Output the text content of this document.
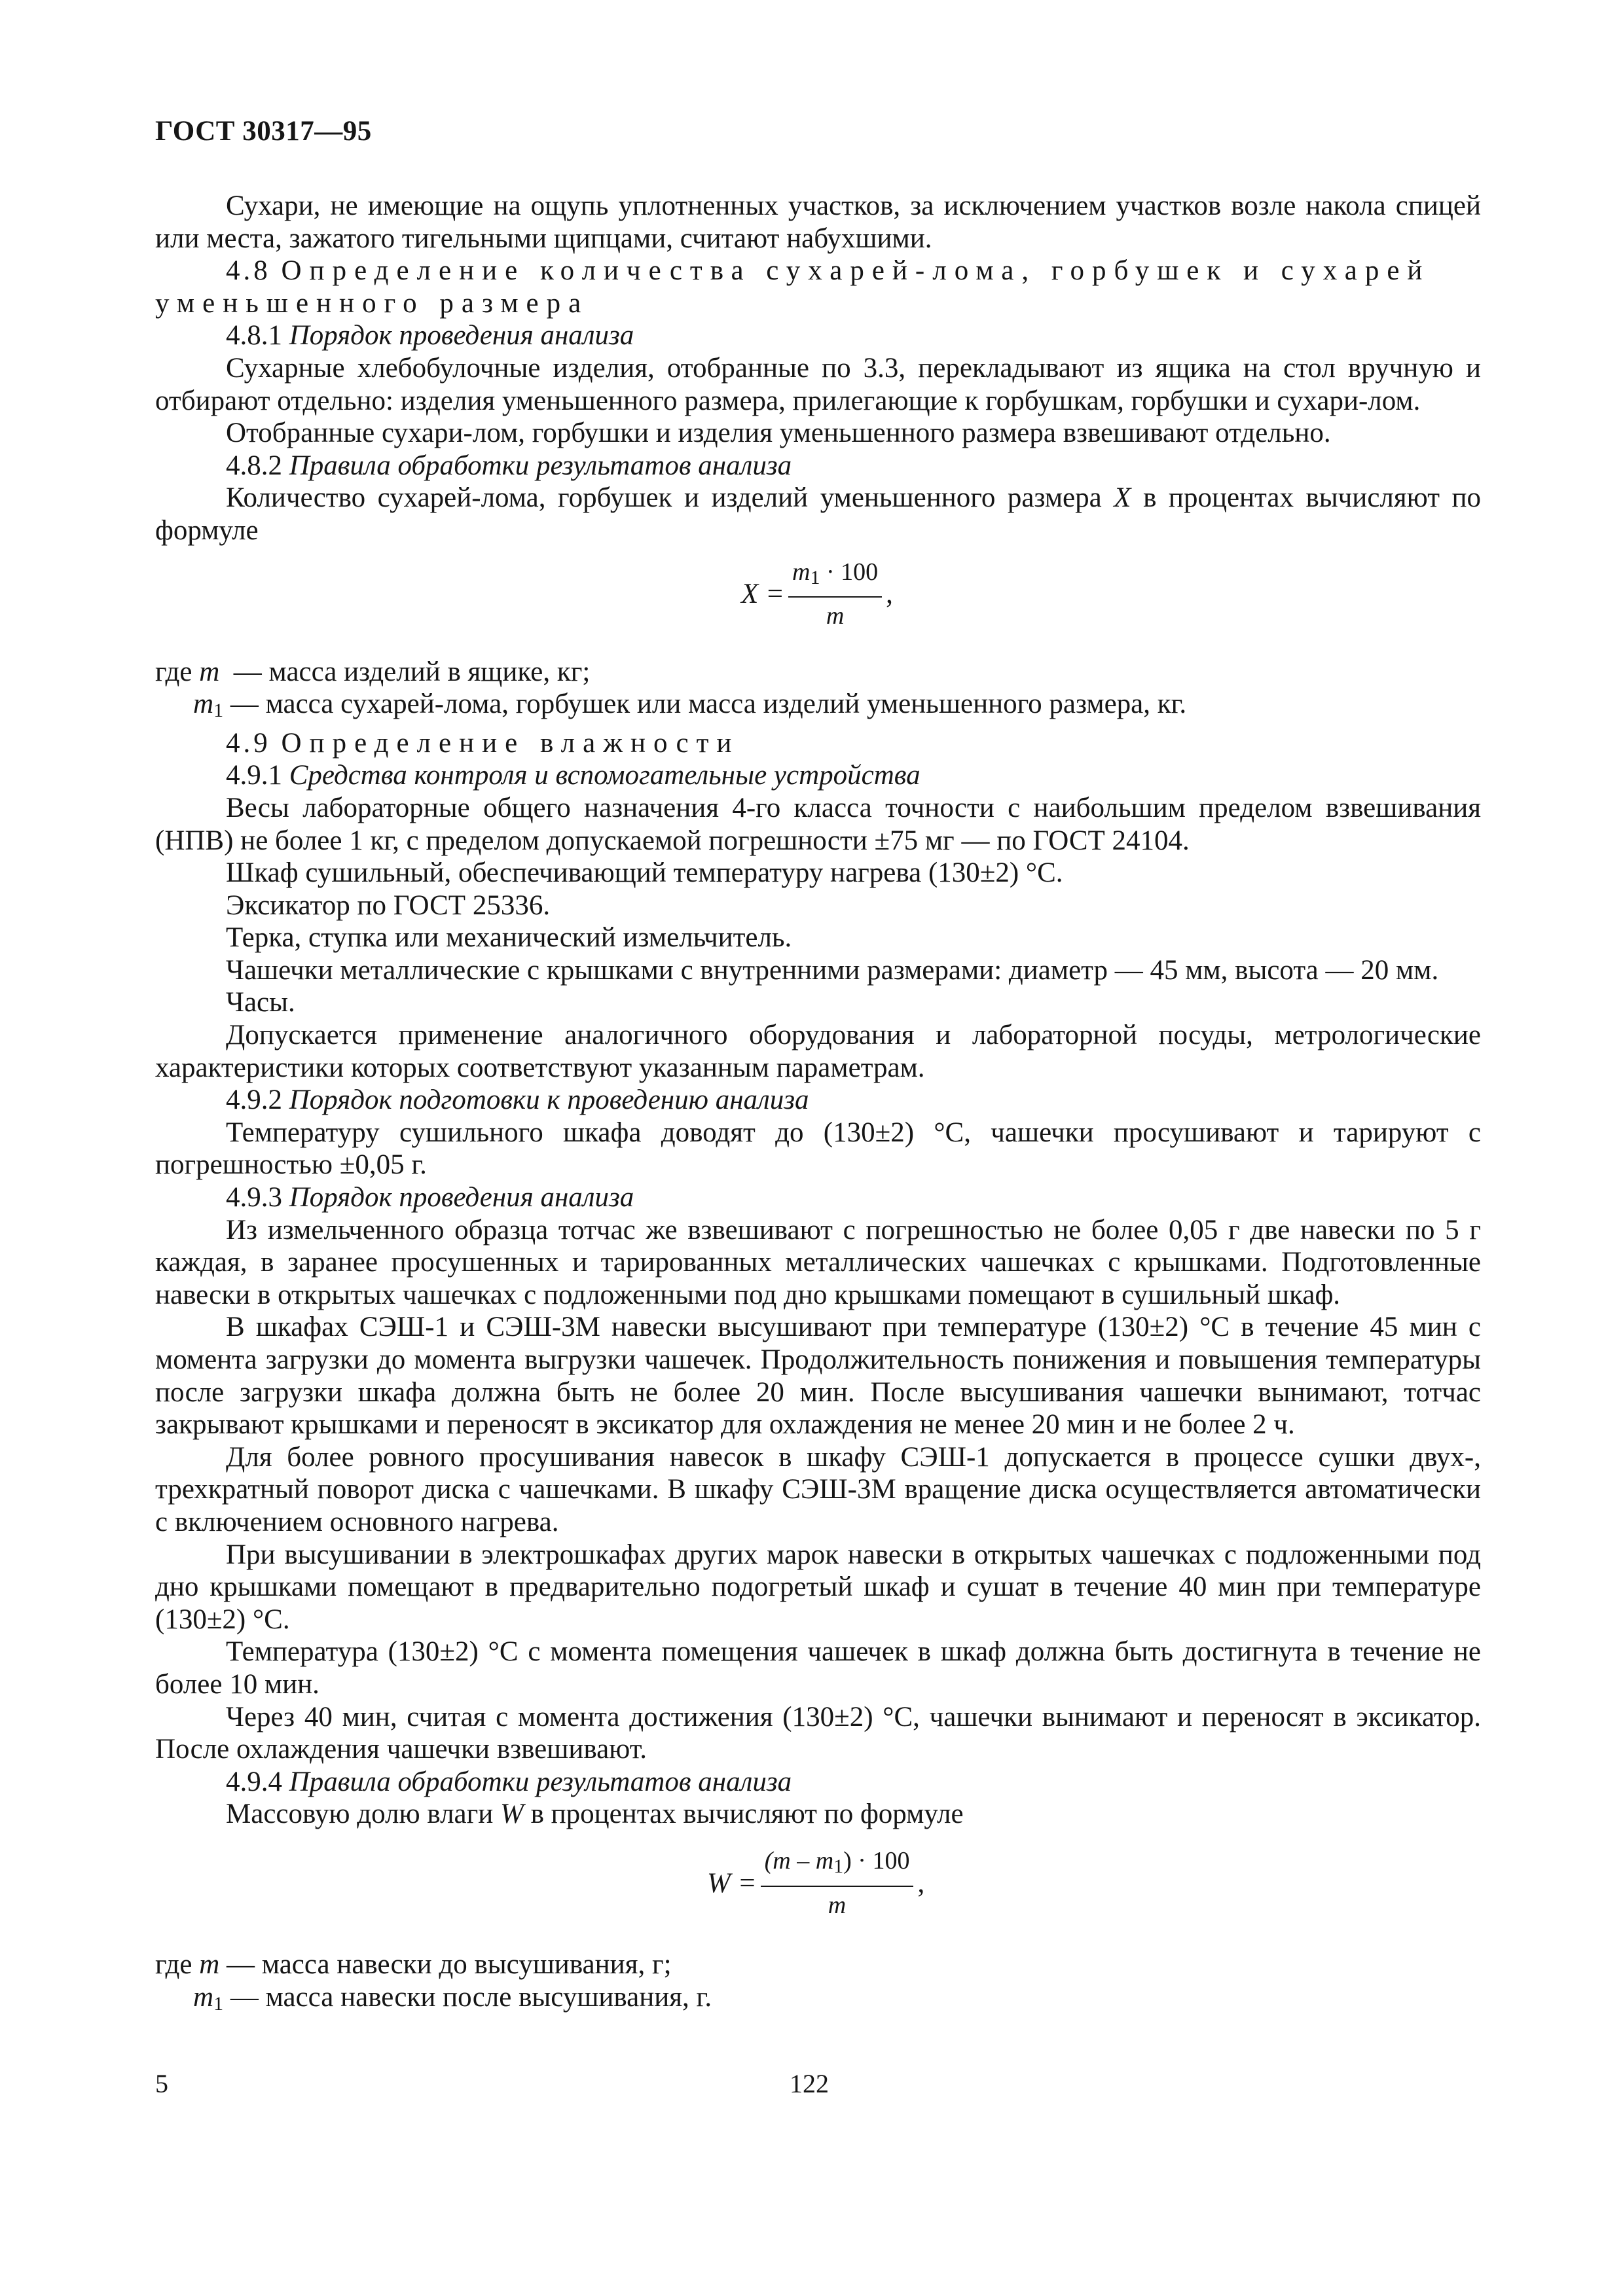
ГОСТ 30317—95

Сухари, не имеющие на ощупь уплотненных участков, за исключением участков возле накола спицей или места, зажатого тигельными щипцами, считают набухшими.

4.8 Определение количества сухарей-лома, горбушек и сухарей уменьшенного размера

4.8.1 Порядок проведения анализа

Сухарные хлебобулочные изделия, отобранные по 3.3, перекладывают из ящика на стол вручную и отбирают отдельно: изделия уменьшенного размера, прилегающие к горбушкам, горбушки и сухари-лом.

Отобранные сухари-лом, горбушки и изделия уменьшенного размера взвешивают отдельно.

4.8.2 Правила обработки результатов анализа

Количество сухарей-лома, горбушек и изделий уменьшенного размера X в процентах вычисляют по формуле

$X = \frac{m1 \cdot 100}{m}$ ,

где m — масса изделий в ящике, кг;

m1 — масса сухарей-лома, горбушек или масса изделий уменьшенного размера, кг.

4.9 Определение влажности

4.9.1 Средства контроля и вспомогательные устройства

Весы лабораторные общего назначения 4-го класса точности с наибольшим пределом взвешивания (НПВ) не более 1 кг, с пределом допускаемой погрешности ±75 мг — по ГОСТ 24104.

Шкаф сушильный, обеспечивающий температуру нагрева (130±2) °С.

Эксикатор по ГОСТ 25336.

Терка, ступка или механический измельчитель.

Чашечки металлические с крышками с внутренними размерами: диаметр — 45 мм, высота — 20 мм.

Часы.

Допускается применение аналогичного оборудования и лабораторной посуды, метрологические характеристики которых соответствуют указанным параметрам.

4.9.2 Порядок подготовки к проведению анализа

Температуру сушильного шкафа доводят до (130±2) °С, чашечки просушивают и тарируют с погрешностью ±0,05 г.

4.9.3 Порядок проведения анализа

Из измельченного образца тотчас же взвешивают с погрешностью не более 0,05 г две навески по 5 г каждая, в заранее просушенных и тарированных металлических чашечках с крышками. Подготовленные навески в открытых чашечках с подложенными под дно крышками помещают в сушильный шкаф.

В шкафах СЭШ-1 и СЭШ-3М навески высушивают при температуре (130±2) °С в течение 45 мин с момента загрузки до момента выгрузки чашечек. Продолжительность понижения и повышения температуры после загрузки шкафа должна быть не более 20 мин. После высушивания чашечки вынимают, тотчас закрывают крышками и переносят в эксикатор для охлаждения не менее 20 мин и не более 2 ч.

Для более ровного просушивания навесок в шкафу СЭШ-1 допускается в процессе сушки двух-, трехкратный поворот диска с чашечками. В шкафу СЭШ-3М вращение диска осуществляется автоматически с включением основного нагрева.

При высушивании в электрошкафах других марок навески в открытых чашечках с подложенными под дно крышками помещают в предварительно подогретый шкаф и сушат в течение 40 мин при температуре (130±2) °С.

Температура (130±2) °С с момента помещения чашечек в шкаф должна быть достигнута в течение не более 10 мин.

Через 40 мин, считая с момента достижения (130±2) °С, чашечки вынимают и переносят в эксикатор. После охлаждения чашечки взвешивают.

4.9.4 Правила обработки результатов анализа

Массовую долю влаги W в процентах вычисляют по формуле

$W = \frac{(m - m1) \cdot 100}{m}$ ,

где m — масса навески до высушивания, г;

m1 — масса навески после высушивания, г.

5	122
